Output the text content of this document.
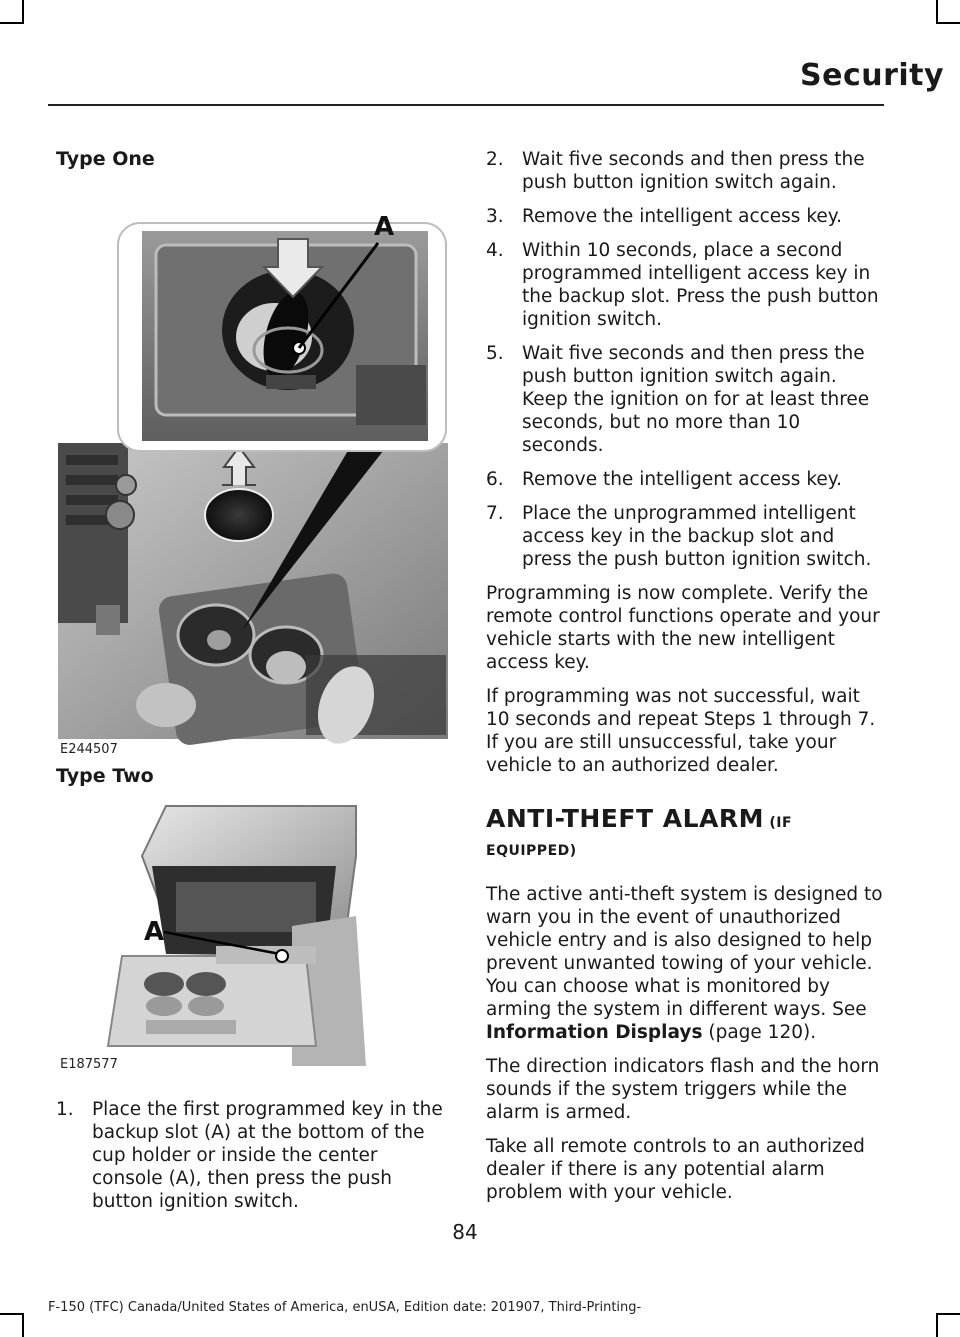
Security

Type One

A
E244507

Type Two

A
E187577
1. Place the first programmed key in the backup slot (A) at the bottom of the cup holder or inside the center console (A), then press the push button ignition switch.
2. Wait five seconds and then press the push button ignition switch again.
3. Remove the intelligent access key.
4. Within 10 seconds, place a second programmed intelligent access key in the backup slot. Press the push button ignition switch.
5. Wait five seconds and then press the push button ignition switch again. Keep the ignition on for at least three seconds, but no more than 10 seconds.
6. Remove the intelligent access key.
7. Place the unprogrammed intelligent access key in the backup slot and press the push button ignition switch.

Programming is now complete. Verify the remote control functions operate and your vehicle starts with the new intelligent access key.

If programming was not successful, wait 10 seconds and repeat Steps 1 through 7. If you are still unsuccessful, take your vehicle to an authorized dealer.

ANTI-THEFT ALARM (IF EQUIPPED)

The active anti-theft system is designed to warn you in the event of unauthorized vehicle entry and is also designed to help prevent unwanted towing of your vehicle. You can choose what is monitored by arming the system in different ways. See Information Displays (page 120).

The direction indicators flash and the horn sounds if the system triggers while the alarm is armed.

Take all remote controls to an authorized dealer if there is any potential alarm problem with your vehicle.

84
F-150 (TFC) Canada/United States of America, enUSA, Edition date: 201907, Third-Printing-
